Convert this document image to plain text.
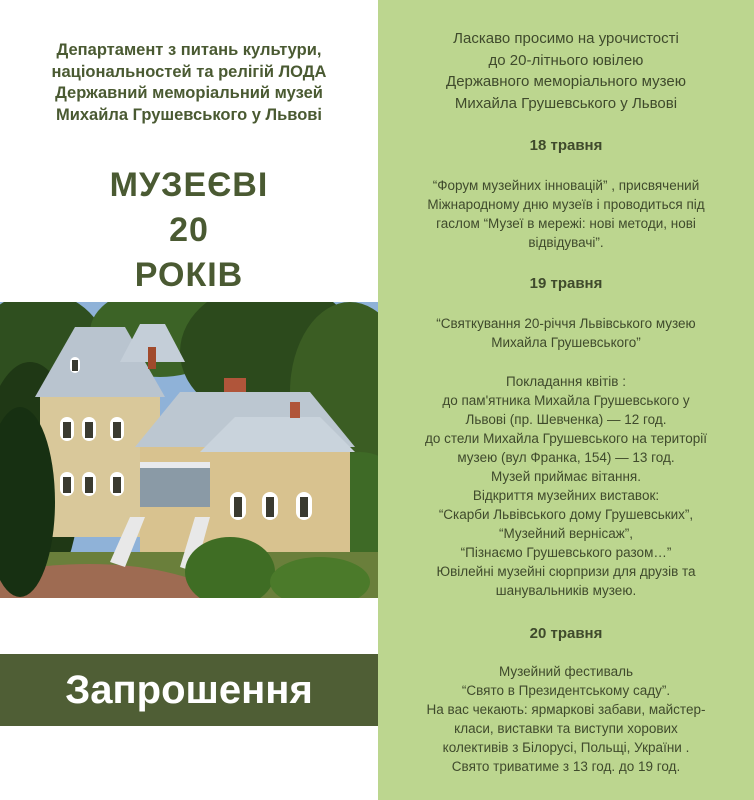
Департамент з питань культури,
національностей та релігій ЛОДА
Державний меморіальний музей
Михайла Грушевського у Львові
МУЗЕЄВІ
20
РОКІВ
Запрошення
Ласкаво просимо на урочистості
до 20-літнього ювілею
Державного меморіального музею
Михайла Грушевського у Львові
18 травня
“Форум музейних інновацій” , присвячений
Міжнародному дню музеїв і проводиться під
гаслом “Музеї в мережі: нові методи, нові
відвідувачі”.
19 травня
“Святкування 20-річчя Львівського музею
Михайла Грушевського”
Покладання квітів :
до пам'ятника Михайла Грушевського у
Львові (пр. Шевченка) — 12 год.
до стели Михайла Грушевського на території
музею (вул Франка, 154) — 13 год.
Музей приймає вітання.
Відкриття музейних виставок:
“Скарби Львівського дому Грушевських”,
“Музейний вернісаж”,
“Пізнаємо Грушевського разом…”
Ювілейні музейні сюрпризи для друзів та
шанувальників музею.
20 травня
Музейний фестиваль
“Свято в Президентському саду”.
На вас чекають: ярмаркові забави, майстер-
класи, виставки та виступи хорових
колективів з Білорусі, Польщі, України .
Свято триватиме з 13 год. до 19 год.
